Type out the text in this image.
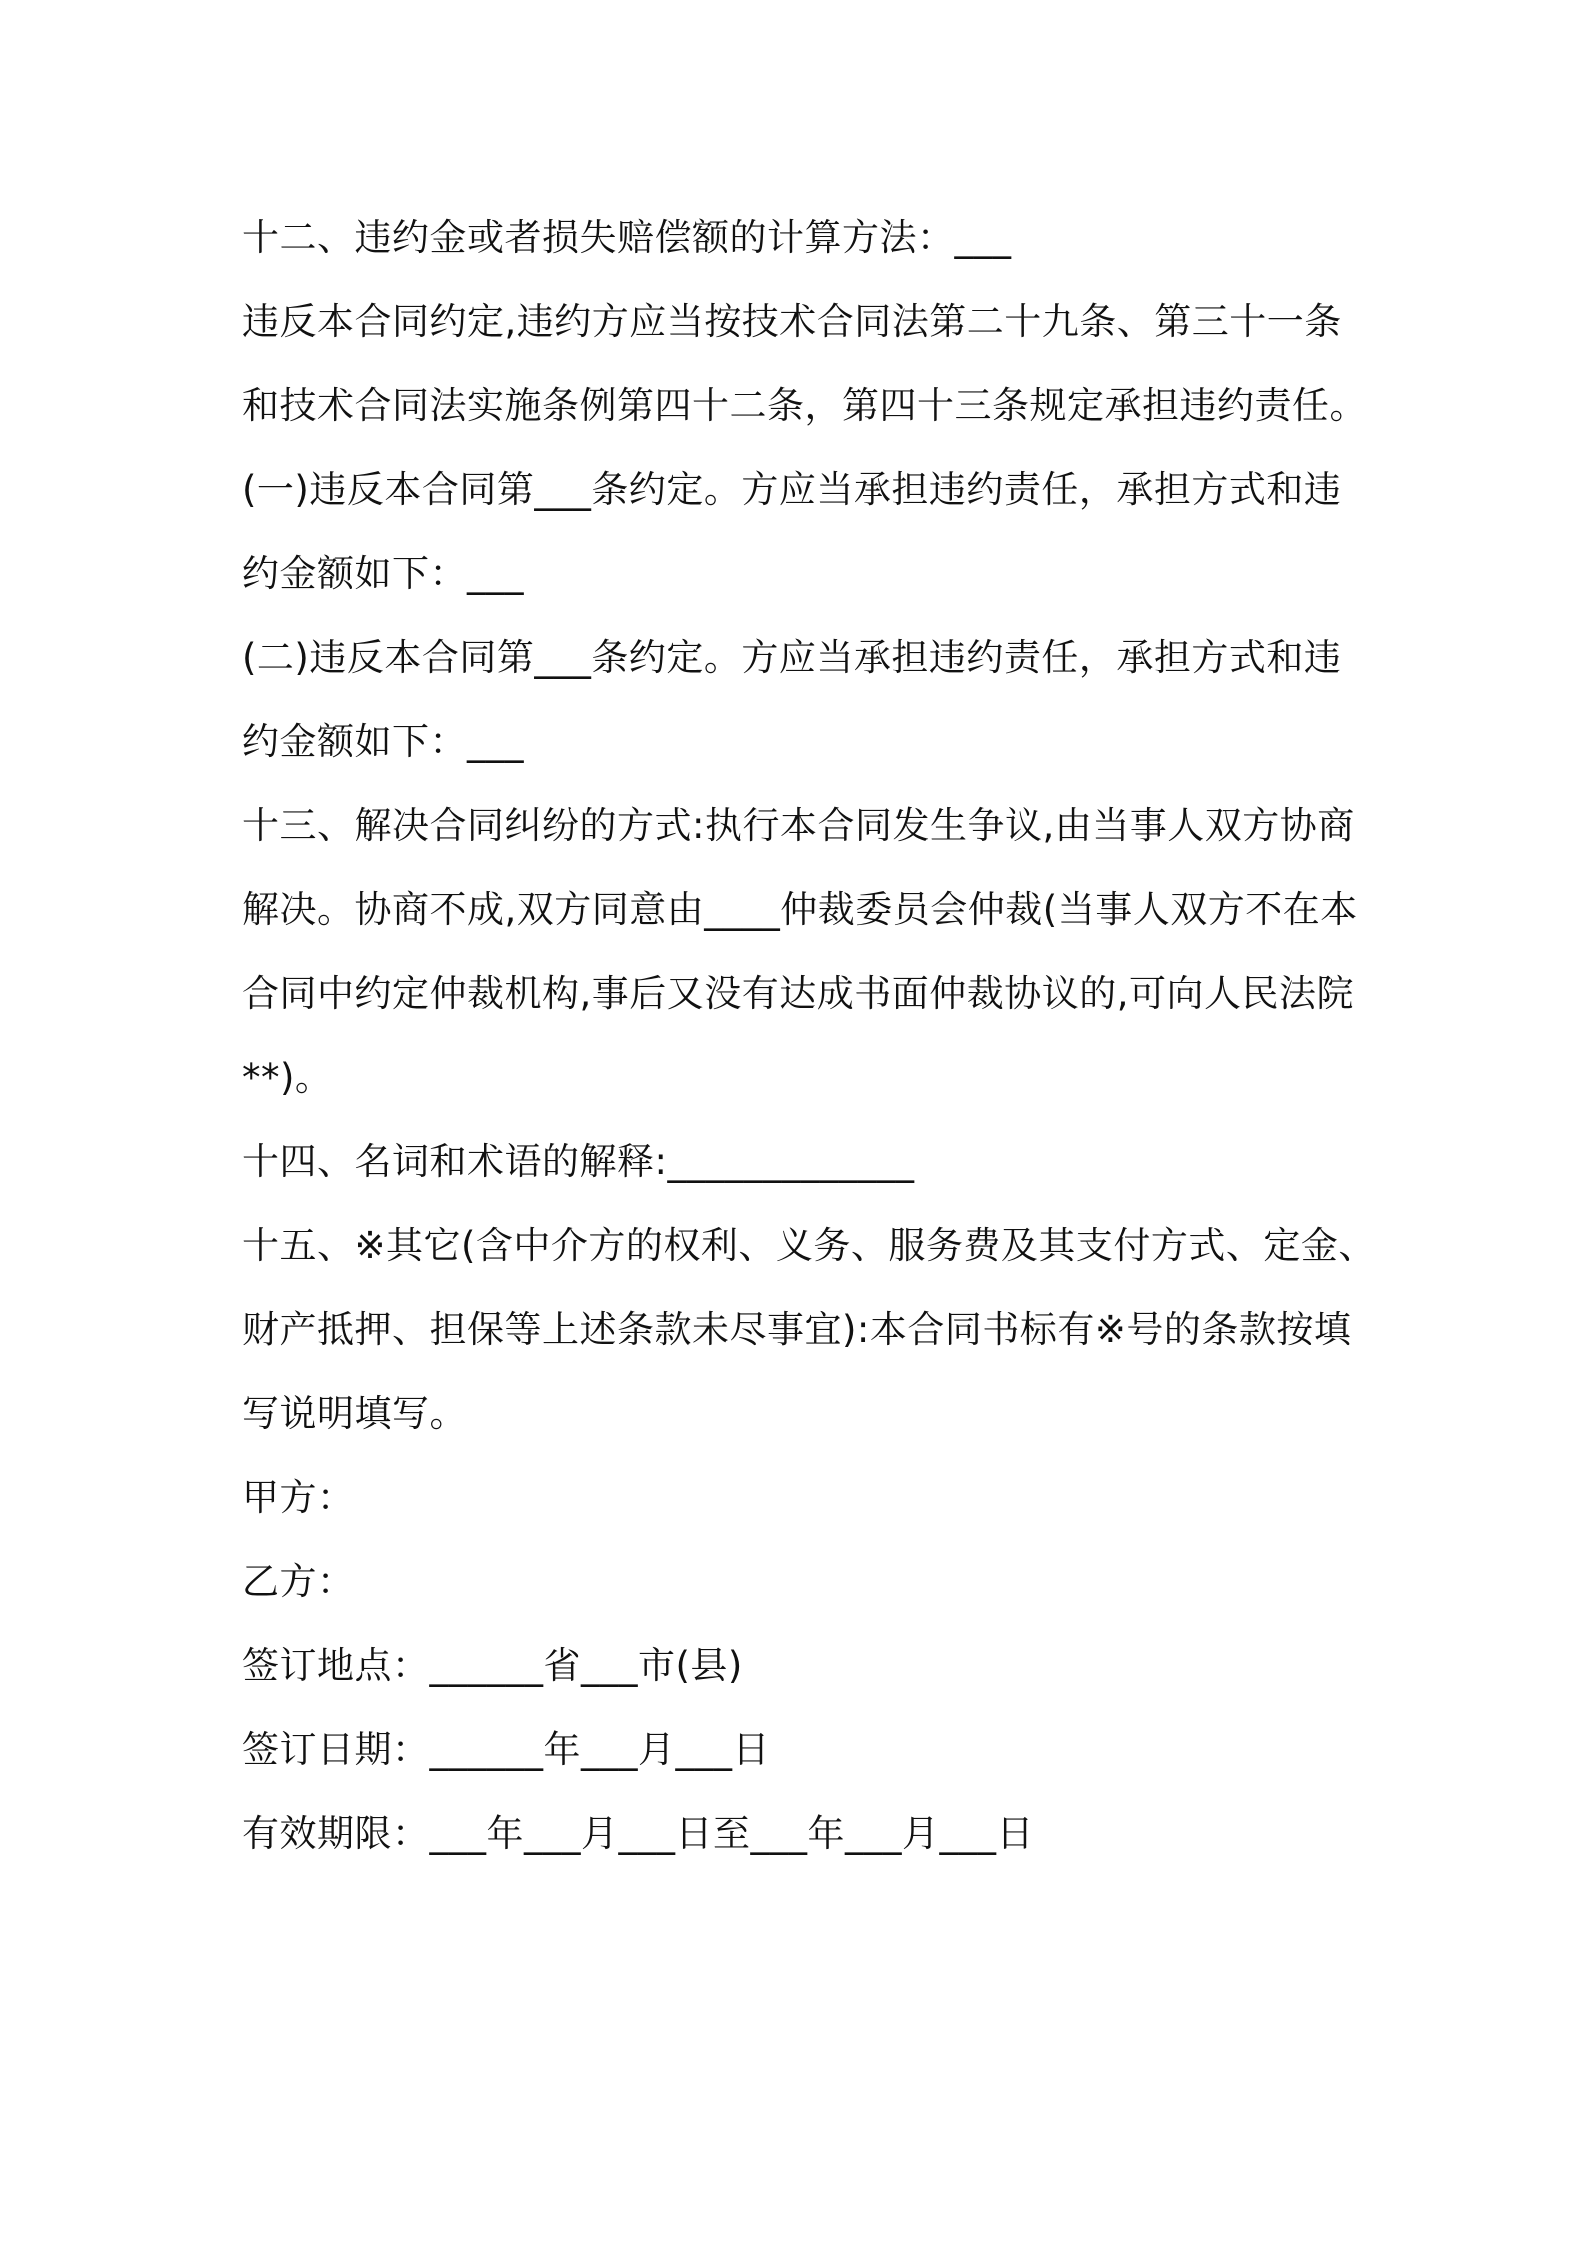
十二、违约金或者损失赔偿额的计算方法：___
违反本合同约定,违约方应当按技术合同法第二十九条、第三十一条
和技术合同法实施条例第四十二条，第四十三条规定承担违约责任。
(一)违反本合同第___条约定。方应当承担违约责任，承担方式和违
约金额如下：___
(二)违反本合同第___条约定。方应当承担违约责任，承担方式和违
约金额如下：___
十三、解决合同纠纷的方式:执行本合同发生争议,由当事人双方协商
解决。协商不成,双方同意由____仲裁委员会仲裁(当事人双方不在本
合同中约定仲裁机构,事后又没有达成书面仲裁协议的,可向人民法院
**)。
十四、名词和术语的解释:_____________
十五、※其它(含中介方的权利、义务、服务费及其支付方式、定金、
财产抵押、担保等上述条款未尽事宜):本合同书标有※号的条款按填
写说明填写。
甲方：
乙方：
签订地点：______省___市(县)
签订日期：______年___月___日
有效期限：___年___月___日至___年___月___日
